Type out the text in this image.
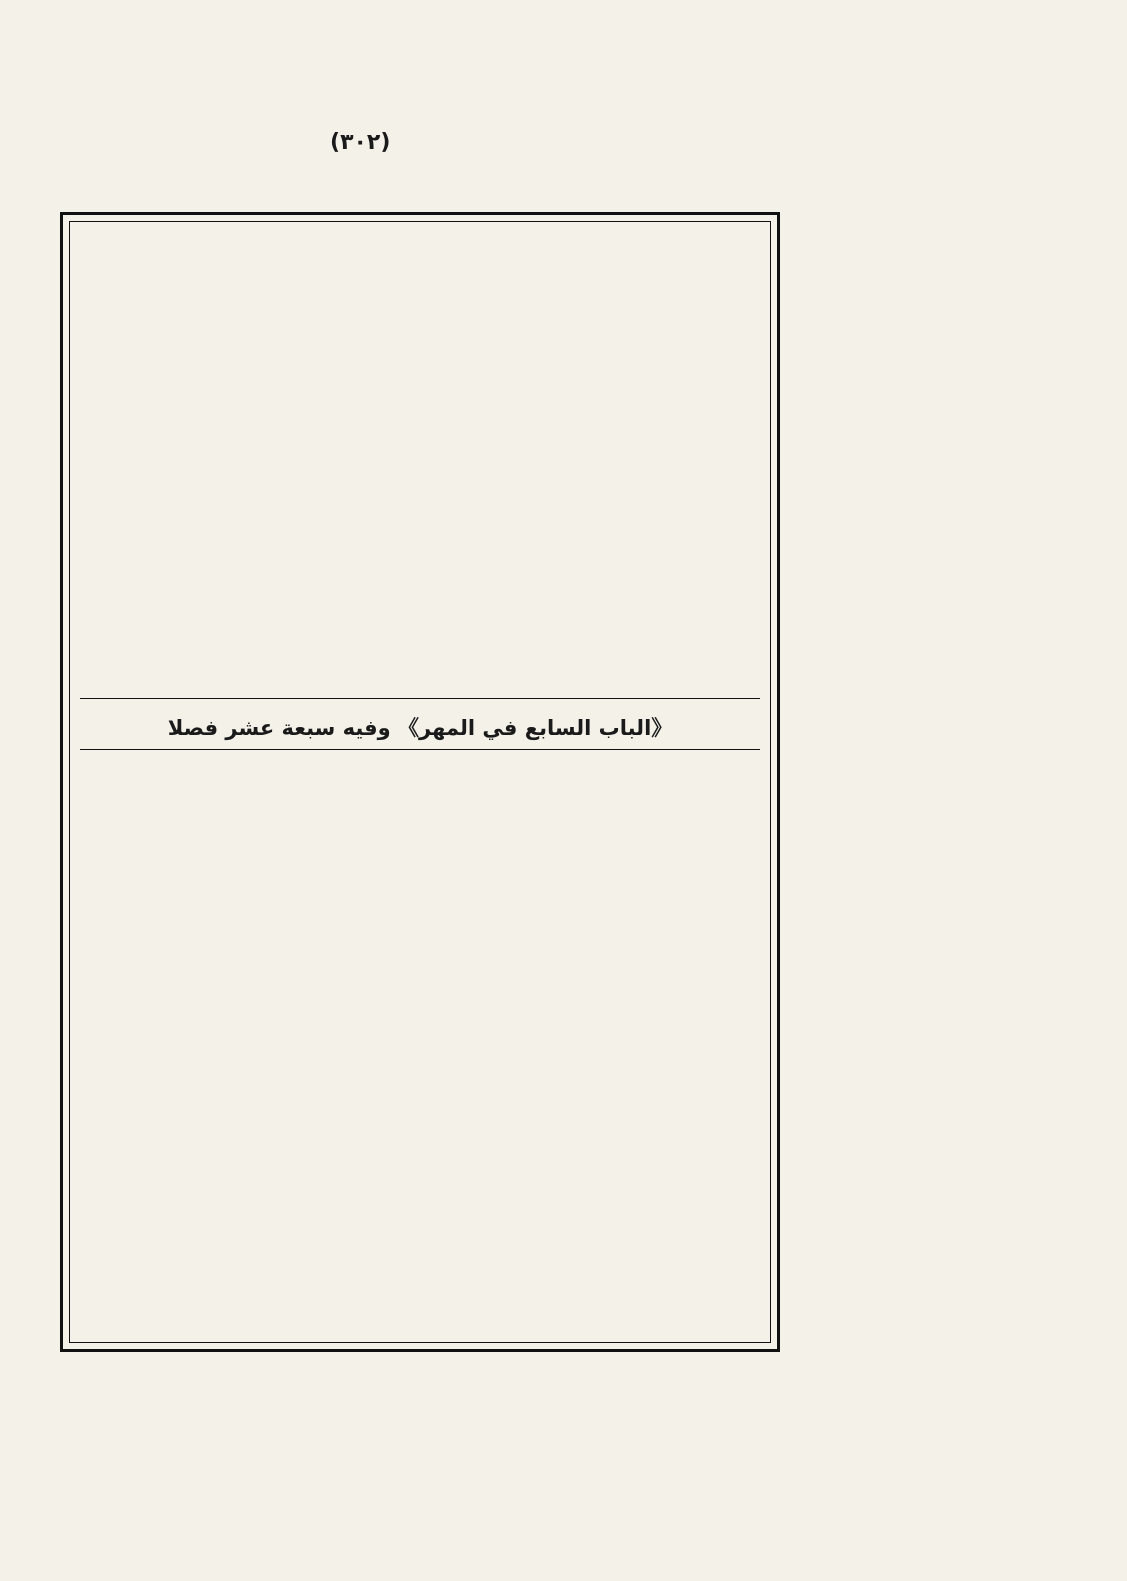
(٣٠٢)
《الباب السابع في المهر》 وفيه سبعة عشر فصلا
